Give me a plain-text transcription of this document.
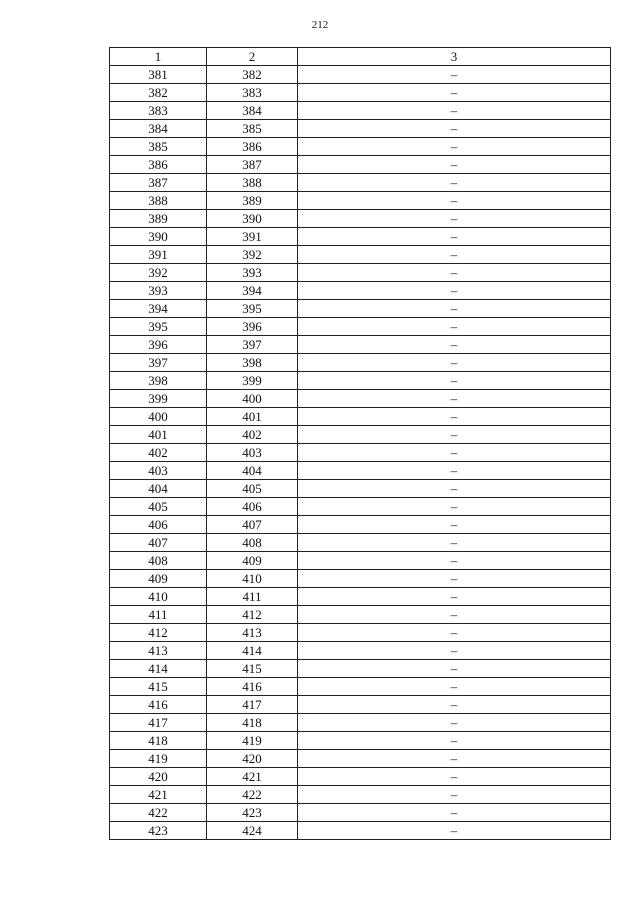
212
1	2	3
381	382	–
382	383	–
383	384	–
384	385	–
385	386	–
386	387	–
387	388	–
388	389	–
389	390	–
390	391	–
391	392	–
392	393	–
393	394	–
394	395	–
395	396	–
396	397	–
397	398	–
398	399	–
399	400	–
400	401	–
401	402	–
402	403	–
403	404	–
404	405	–
405	406	–
406	407	–
407	408	–
408	409	–
409	410	–
410	411	–
411	412	–
412	413	–
413	414	–
414	415	–
415	416	–
416	417	–
417	418	–
418	419	–
419	420	–
420	421	–
421	422	–
422	423	–
423	424	–
